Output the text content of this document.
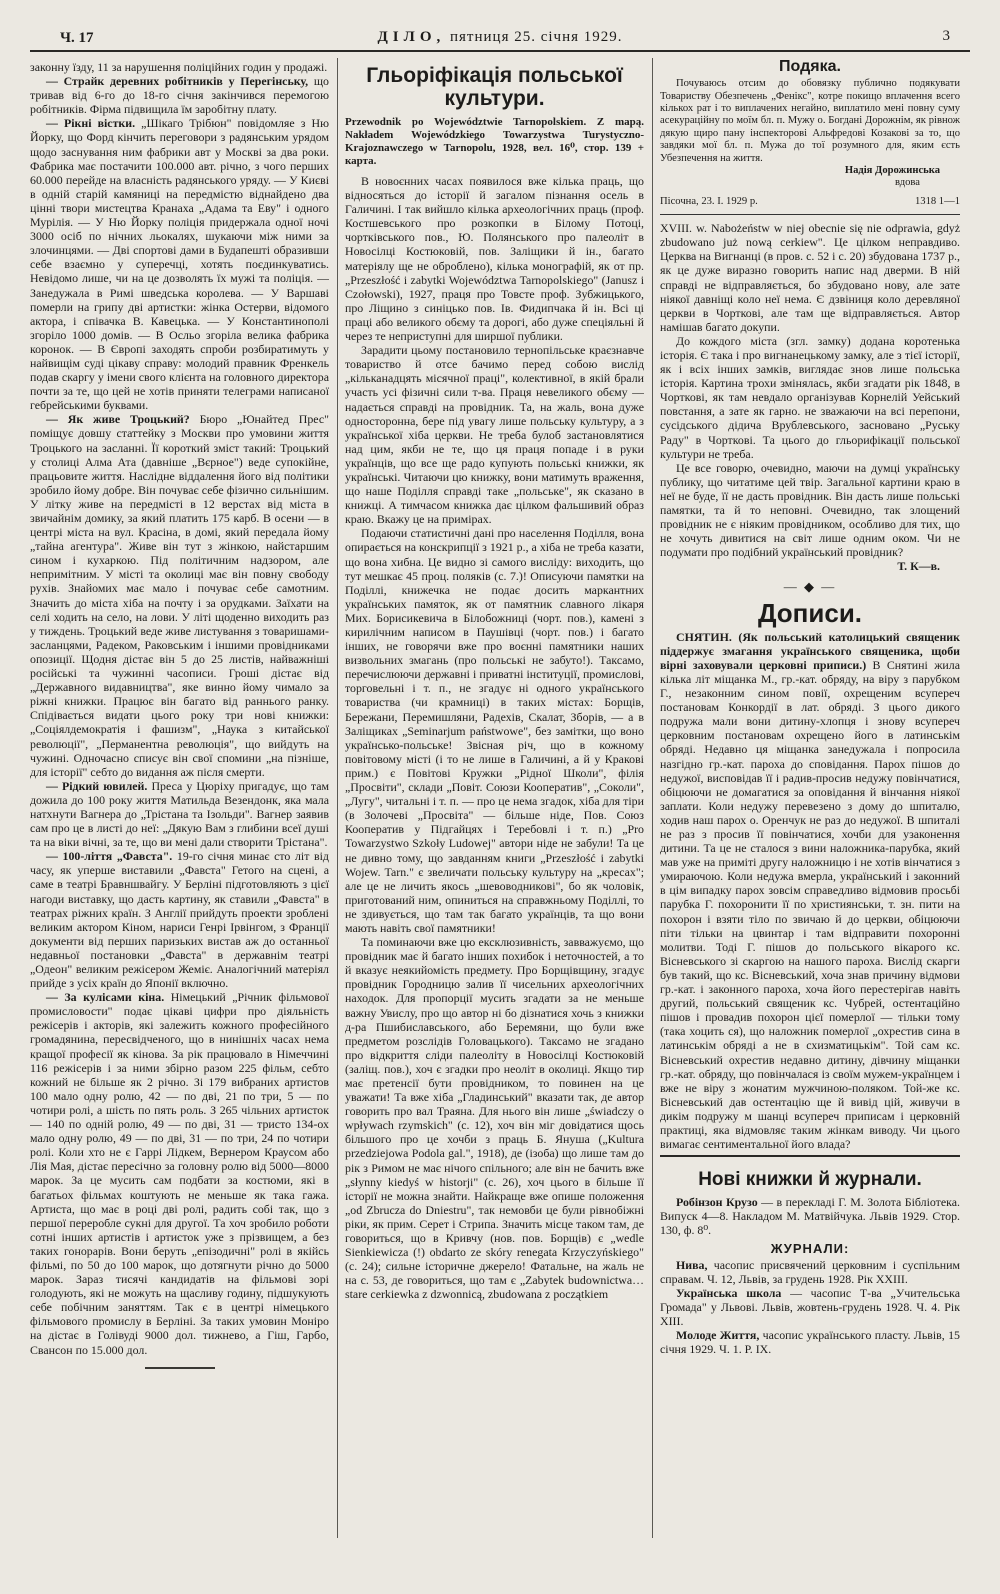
Ч. 17	ДІЛО, пятниця 25. січня 1929.	3

законну їзду, 11 за нарушення поліційних годин у продажі.

— Страйк деревних робітників у Перегінську, що тривав від 6-го до 18-го січня закінчився перемогою робітників. Фірма підвищила їм заробітну плату.

— Рікні вістки. „Шікаго Трібюн" повідомляе з Ню Йорку, що Форд кінчить переговори з радянським урядом щодо заснування ним фабрики авт у Москві за два роки. Фабрика має постачити 100.000 авт. річно, з чого перших 60.000 перейде на власність радянського уряду. — У Києві в одній старій камяниці на передмістю віднайдено два цінні твори мистецтва Кранаха „Адама та Еву" і одного Мурілія. — У Ню Йорку поліція придержала одної ночі 3000 осіб по нічних льокалях, шукаючи між ними за злочинцями. — Дві спортові дами в Будапешті образивши себе взаємно у суперечці, хотять поєдинкуватись. Невідомо лише, чи на це дозволять їх мужі та поліція. — Занедужала в Римі шведська королева. — У Варшаві померли на грипу дві артистки: жінка Остерви, відомого актора, і співачка В. Кавецька. — У Константинополі згоріло 1000 домів. — В Осльо згоріла велика фабрика коронок. — В Європі заходять спроби розбиратимуть у найвищім суді цікаву справу: молодий правник Френкель подав скаргу у імени свого клієнта на головного директора почти за те, що цей не хотів приняти телеграми написаної гебрейськими буквами.

— Як живе Троцький? Бюро „Юнайтед Прес" поміщує довшу статтейку з Москви про умовини життя Троцького на засланні. Її короткий зміст такий: Троцький у столиці Алма Ата (давніше „Вєрное") веде супокійне, працьовите життя. Наслідне віддалення його від політики зробило йому добре. Він почуває себе фізично сильнішим. У літку живе на передмісті в 12 верстах від міста в звичайнім домику, за який платить 175 карб. В осени — в центрі міста на вул. Красіна, в домі, який передала йому „тайна агентура". Живе він тут з жінкою, найстаршим сином і кухаркою. Під політичним надзором, але непримітним. У місті та околиці має він повну свободу рухів. Знайомих має мало і почуває себе самотним. Значить до міста хіба на почту і за орудками. Заїхати на селі ходить на село, на лови. У літі щоденно виходить раз у тиждень. Троцький веде живе листування з товаришами-засланцями, Радеком, Раковським і іншими провідниками опозиції. Щодня дістає він 5 до 25 листів, найважніші російські та чужинні часописи. Гроші дістає від „Державного видавництва", яке винно йому чимало за ріжні книжки. Працює він багато від раннього ранку. Спідівається видати цього року три нові книжки: „Соціялдемократія і фашизм", „Наука з китайської революції", „Перманентна революція", що вийдуть на чужині. Одночасно списує він свої спомини „на пізніше, для історії" себто до видання аж після смерти.

— Рідкий ювилей. Преса у Цюріху пригадує, що там дожила до 100 року життя Матильда Везендонк, яка мала натхнути Вагнера до „Трістана та Ізольди". Вагнер заявив сам про це в листі до неї: „Дякую Вам з глибини всеї душі та на віки вічні, за те, що ви мені дали створити Трістана".

— 100-ліття „Фавста". 19-го січня минає сто літ від часу, як уперше виставили „Фавста" Гетого на сцені, а саме в театрі Бравншвайгу. У Берліні підготовляють з цієї нагоди виставку, що дасть картину, як ставили „Фавста" в театрах ріжних країн. З Англії прийдуть проекти зроблені великим актором Кіном, нариси Генрі Ірвінгом, з Франції документи від перших паризьких вистав аж до останньої недавньої постановки „Фавста" в державнім театрі „Одеон" великим режісером Жеміє. Аналогічний матеріял прийде з усіх країн до Японії включно.

— За кулісами кіна. Німецький „Річник фільмової промисловости" подає цікаві цифри про діяльність режісерів і акторів, які залежить кожного професійного громадянина, пересвідченого, що в нинішніх часах нема кращої професії як кінова. За рік працювало в Німеччині 116 режісерів і за ними збірно разом 225 фільм, себто кожний не більше як 2 річно. Зі 179 вибраних артистов 100 мало одну ролю, 42 — по дві, 21 по три, 5 — по чотири ролі, а шість по пять роль. З 265 чільних артисток — 140 по одній ролю, 49 — по дві, 31 — тристо 134-ох мало одну ролю, 49 — по дві, 31 — по три, 24 по чотири ролі. Коли хто не є Гаррі Лідкем, Вернером Краусом або Лія Мая, дістає пересічно за головну ролю від 5000—8000 марок. За це мусить сам подбати за костюми, які в багатьох фільмах коштують не меньше як така гажа. Артиста, що має в році дві ролі, радить собі так, що з першої переробле сукні для другої. Та хоч зробило роботи сотні інших артистів і артисток уже з прізвищем, а без таких гонорарів. Вони беруть „епізодичні" ролі в якійсь фільмі, по 50 до 100 марок, що дотягнути річно до 5000 марок. Зараз тисячі кандидатів на фільмові зорі голодують, які не можуть на щасливу годину, підшукують себе побічним заняттям. Так є в центрі німецького фільмового промислу в Берліні. За таких умовин Моніро на дістає в Голівуді 9000 дол. тижнево, а Гіш, Гарбо, Свансон по 15.000 дол.

Гльоріфікація польської культури.
Przewodnik po Województwie Tarnopolskiem. Z mapą. Nakładem Wojewódzkiego Towarzystwa Turystyczno-Krajoznawczego w Tarnopolu, 1928, вел. 16⁰, стор. 139 + карта.

В новоєнних часах появилося вже кілька праць, що відносяться до історії й загалом пізнання осель в Галичині. І так вийшло кілька археологічних праць (проф. Костшевського про розкопки в Білому Потоці, чортківського пов., Ю. Полянського про палеоліт в Новосілці Костюковій, пов. Заліщики й ін., багато матеріялу ще не оброблено), кілька монографій, як от пр. „Przeszłość i zabytki Województwa Tarnopolskiego" (Janusz i Czołowski), 1927, праця про Товсте проф. Зубжицького, про Ліщино з синіцько пов. Ів. Фидипчака й ін. Всі ці праці або великого обєму та дорогі, або дуже спеціяльні й через те неприступні для ширшої публики.

Зарадити цьому постановило тернопільське краєзнавче товариство й отсе бачимо перед собою вислід „кільканадцять місячної праці", колективної, в якій брали участь усі фізичні сили т-ва. Праця невеликого обєму — надається справді на провідник. Та, на жаль, вона дуже односторонна, бере під увагу лише польську культуру, а з української хіба церкви. Не треба булоб застановлятися над цим, якби не те, що ця праця попаде і в руки українців, що все ще радо купують польські книжки, як українські. Читаючи цю книжку, вони матимуть враження, що наше Поділля справді таке „польське", як сказано в книжці. А тимчасом книжка дає цілком фальшивий образ краю. Вкажу це на примірах.

Подаючи статистичні дані про населення Поділля, вона опирається на конскрипції з 1921 р., а хіба не треба казати, що вона хибна. Це видно зі самого висліду: виходить, що тут мешкає 45 проц. поляків (с. 7.)! Описуючи памятки на Поділлі, книжечка не подає досить маркантних українських памяток, як от памятник славного лікаря Мих. Борисикевича в Білобожниці (чорт. пов.), камені з кирилічним написом в Паушівці (чорт. пов.) і багато інших, не говорячи вже про воєнні памятники наших визвольних змагань (про польські не забуто!). Таксамо, перечислюючи державні і приватні інституції, промислові, торговельні і т. п., не згадує ні одного українського товариства (чи крамниці) в таких містах: Борщів, Бережани, Перемишляни, Радехів, Скалат, Збоpів, — а в Заліщиках „Seminarjum państwowe", без замітки, що воно українсько-польське! Звісная річ, що в кожному повітовому місті (і то не лише в Галичині, а й у Кракові прим.) є Повітові Кружки „Рідної Школи", філія „Просвіти", склади „Повіт. Союзи Кооператив", „Соколи", „Лугу", читальні і т. п. — про це нема згадок, хіба для тіри (в Золочеві „Просвіта" — більше ніде, Пов. Союз Кооператив у Підгайцях і Теребовлі і т. п.) „Pro Towarzystwo Szkoły Ludowej" автори ніде не забули! Та це не дивно тому, що завданням книги „Przeszłość i zabytki Wojew. Tarn." є звеличати польську культуру на „кресах"; але це не личить якось „шевоводникові", бо як чоловік, приготований ним, опиниться на справжньому Поділлі, то не здивується, що там так багато українців, та що вони мають навіть свої памятники!

Та поминаючи вже цю ексклюзивність, завважуємо, що провідник має й багато інших похибок і неточностей, а то й вказує неякийомість предмету. Про Борщівщину, згадує провідник Городницю залив її чисельних археологічних находок. Для пропорції мусить згадати за не меньше важну Увислу, про що автор ні бо дізнатися хочь з книжки д-ра Пшибиславського, або Беремяни, що були вже предметом розслідів Головацького). Таксамо не згадано про відкриття сліди палеоліту в Новосілці Костюковій (заліщ. пов.), хоч є згадки про неоліт в околиці. Якщо тир має претенсії бути провідником, то повинен на це уважати! Та вже хіба „Гладинський" вказати так, де автор говорить про вал Траяна. Для нього він лише „świadczy o wpływach rzymskich" (с. 12), хоч він міг довідатися щось більшого про це хочби з праць Б. Януша („Kultura przedziejowa Podola gal.", 1918), де (ізоба) що лише там до рік з Римом не має нічого спільного; але він не бачить вже „słynny kiedyś w historji" (с. 26), хоч цього в більше її історії не можна знайти. Найкраще вже опише положення „od Zbrucza do Dniestru", так немовби це були рівнобіжні ріки, як прим. Серет і Стрипа. Значить місце таком там, де говориться, що в Кривчу (нов. пов. Борщів) є „wedle Sienkiewicza (!) obdarto ze skóry renegata Krzyczyńskiego" (с. 24); сильне історичне джерело! Фатальне, на жаль не на с. 53, де говориться, що там є „Zabytek budownictwa… stare cerkiewka z dzwonnicą, zbudowana z początkiem

Подяка.

Почуваюсь отсим до обовязку публично подякувати Товариству Обезпечень „Фенікс", котре покищо вплачення всего кількох рат і то виплачених негайно, виплатило мені повну суму асекураційну по моїм бл. п. Мужу о. Богдані Дорожнім, як рівнож дякую щиро пану інспекторові Альфредові Козакові за то, що завдяки мої бл. п. Мужа до тої розумного для, яким єсть Убезпечення на життя.

Надія Дорожинська
вдова
Пісочна, 23. I. 1929 р.	1318 1—1

XVIII. w. Nabożeństw w niej obecnie się nie odprawia, gdyż zbudowano już nową cerkiew". Це цілком неправдиво. Церква на Вигнанці (в пров. с. 52 і с. 20) збудована 1737 р., як це дуже виразно говорить напис над дверми. В ній справді не відправляється, бо збудовано нову, але зате ніякої давніщі коло неї нема. Є дзвіниця коло деревляної церкви в Чорткові, але там ще відправляється. Автор намішав багато докупи.

До кождого міста (згл. замку) додана коротенька історія. Є така і про вигнанецькому замку, але з тієї історії, як і всіх інших замків, виглядає знов лише польська історія. Картина трохи змінялась, якби згадати рік 1848, в Чорткові, як там невдало організував Корнелій Уейський повстання, а зате як гарно. не зважаючи на всі перепони, сусідського дідича Врублевського, засновано „Руську Раду" в Чорткові. Та цього до гльорифікації польської культури не треба.

Це все говорю, очевидно, маючи на думці українську публику, що читатиме цей твір. Загальної картини краю в неї не буде, її не дасть провідник. Він дасть лише польські памятки, та й то неповні. Очевидно, так злощений провідник не є ніяким провідником, особливо для тих, що не хочуть дивитися на світ лише одним оком. Чи не подумати про подібний український провідник?

Т. К—в.
— ◆ —
Дописи.

СНЯТИН. (Як польський католицький священик піддержує змагання українського священика, щоби вірні заховували церковні приписи.) В Снятині жила кілька літ міщанка М., гр.-кат. обряду, на віру з парубком Г., незаконним сином повії, охрещеним всупереч постановам Конкордії в лат. обряді. З цього дикого подружа мали вони дитину-хлопця і знову всупереч церковним постановам охрещено його в латинськім обряді. Недавно ця міщанка занедужала і попросила назгідно гр.-кат. пароха до сповідання. Парох пішов до недужої, висповідав її і радив-просив недужу повінчатися, обіцюючи не домагатися за оповідання й вінчання ніякої заплати. Коли недужу перевезено з дому до шпиталю, ходив наш парох о. Оренчук не раз до недужої. В шпиталі не раз з просив її повінчатися, хочби для узаконення дитини. Та це не сталося з вини наложника-парубка, який мав уже на приміті другу наложницю і не хотів вінчатися з умираючою. Коли недужа вмерла, український і законний в цім випадку парох зовсім справедливо відмовив просьбі парубка Г. похоронити її по християнськи, т. зн. пити на похорон і взяти тіло по звичаю й до церкви, обіцюючи піти тільки на цвинтар і там відправити похоронні молитви. Тоді Г. пішов до польського вікарого кс. Вісневського зі скаргою на нашого пароха. Вислід скарги був такий, що кс. Вісневський, хоча знав причину відмови гр.-кат. і законного пароха, хоча його перестерігав навіть другий, польський священик кс. Чубрей, остентаційно пішов і провадив похорон цієї померлої — тільки тому (така хоцить ся), що наложник померлої „охрестив сина в латинськім обряді а не в схизматицькім". Той сам кс. Вісневський охрестив недавно дитину, дівчину міщанки гр.-кат. обряду, що повінчалася із своїм мужем-українцем і вже не віру з жонатим мужчиною-поляком. Той-же кс. Вісневський дав остентацію ще й вивід цій, живучи в дикім подружу м шанці всупереч приписам і церковній практиці, яка відмовляє таким жінкам виводу. Чи цього вимагає сентиментальної його влада?

Нові книжки й журнали.

Робінзон Крузо — в перекладі Г. М. Золота Бібліотека. Випуск 4—8. Накладом М. Матвійчука. Львів 1929. Стор. 130, ф. 8⁰.

ЖУРНАЛИ:

Нива, часопис присвячений церковним і суспільним справам. Ч. 12, Львів, за грудень 1928. Рік XXIII.

Українська школа — часопис Т-ва „Учительська Громада" у Львові. Львів, жовтень-грудень 1928. Ч. 4. Рік XIII.

Молоде Життя, часопис українського пласту. Львів, 15 січня 1929. Ч. 1. Р. IX.
